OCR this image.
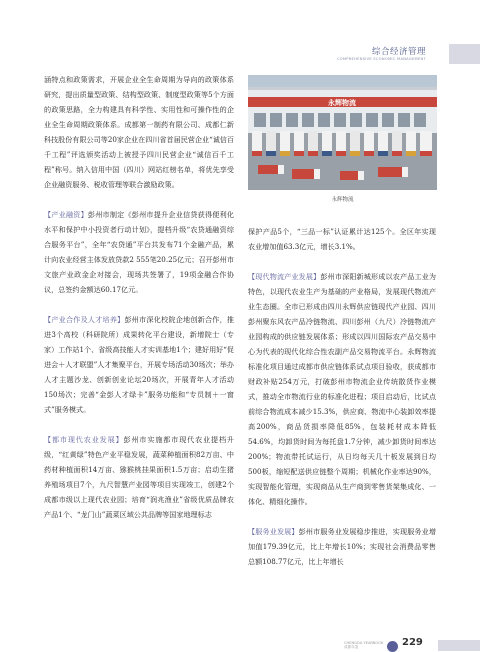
综合经济管理
COMPREHENSIVE ECONOMIC MANAGEMENT

涵特点和政策需求，开展企业全生命周期为导向的政策体系研究，提出质量型政策、结构型政策、制度型政策等5个方面的政策思路，全力构建具有科学性、实用性和可操作性的企业全生命周期政策体系。成都第一制药有限公司、成都仁新科技股份有限公司等20家企业在四川省首届民营企业“诚信百千工程”评选颁奖活动上被授予四川民营企业“诚信百千工程”称号。纳入信用中国（四川）网站红榜名单，将优先享受企业融资服务、税收管理等联合激励政策。

【产业融资】彭州市制定《彭州市提升企业信贷获得便利化水平和保护中小投资者行动计划》，提档升级“农贷通融资综合服务平台”，全年“农贷通”平台共发布71个金融产品，累计向农业经营主体发放贷款2 555笔20.25亿元；召开彭州市文旅产业政金企对接会，现场共签署了，19项金融合作协议，总签约金额达60.17亿元。

【产业合作及人才培养】彭州市深化校院企地创新合作，推进3个高校（科研院所）成果转化平台建设，新增院士（专家）工作站1个、省级高技能人才实训基地1个；建好用好“促进会＋人才联盟”人才集聚平台，开展专场活动30场次；举办人才主题沙龙、创新创业论坛20场次，开展青年人才活动150场次；完善“金彭人才绿卡”服务功能和“专员制＋一窗式”服务模式。

【都市现代农业发展】彭州市实施都市现代农业提档升级，“红黄绿”特色产业平稳发展，蔬菜种植面积82万亩、中药材种植面积14万亩、猕猴桃挂果面积1.5万亩；启动生猪养殖场项目7个，九尺智慧产业园等项目实现竣工，创建2个成都市级以上现代农业园；培育“润兆渔业”省级优质品牌农产品1个、“龙门山”蔬菜区域公共品牌等国家地理标志

永辉物流
永辉物流

保护产品5个，“三品一标”认证累计达125个。全区年实现农业增加值63.3亿元，增长3.1%。

【现代物流产业发展】彭州市深阳新城形成以农产品工业为特色，以现代农业生产为基础的产业格局，发展现代物流产业生态圈。全市已形成由四川永辉供应链现代产业园、四川彭州聚东风农产品冷链物流、四川彭州（九尺）冷链物流产业园构成的供应链发展体系；形成以四川国际农产品交易中心为代表的现代化综合性农副产品交易物流平台。永辉物流标准化项目通过成都市供应链体系试点项目验收，获成都市财政补贴254万元，打破彭州市物流企业传统散货作业模式，推动全市物流行业的标准化进程；项目启动后，比试点前综合物流成本减少15.3%，供应商、物流中心装卸效率提高200%，商品货损率降低85%，包装耗材成本降低54.6%，均卸货时间为每托盘1.7分钟，减少卸货时间率达200%；物流带托试运行，从日均每天几十板发展到日均500板，缩短配送供应链整个周期；机械化作业率达90%，实现智能化管理，实现商品从生产商到零售货架集成化、一体化、精细化操作。

【服务业发展】彭州市服务业发展稳步推进，实现服务业增加值179.39亿元，比上年增长10%；实现社会消费品零售总额108.77亿元，比上年增长

CHENGDU YEARBOOK
成都年鉴	229
